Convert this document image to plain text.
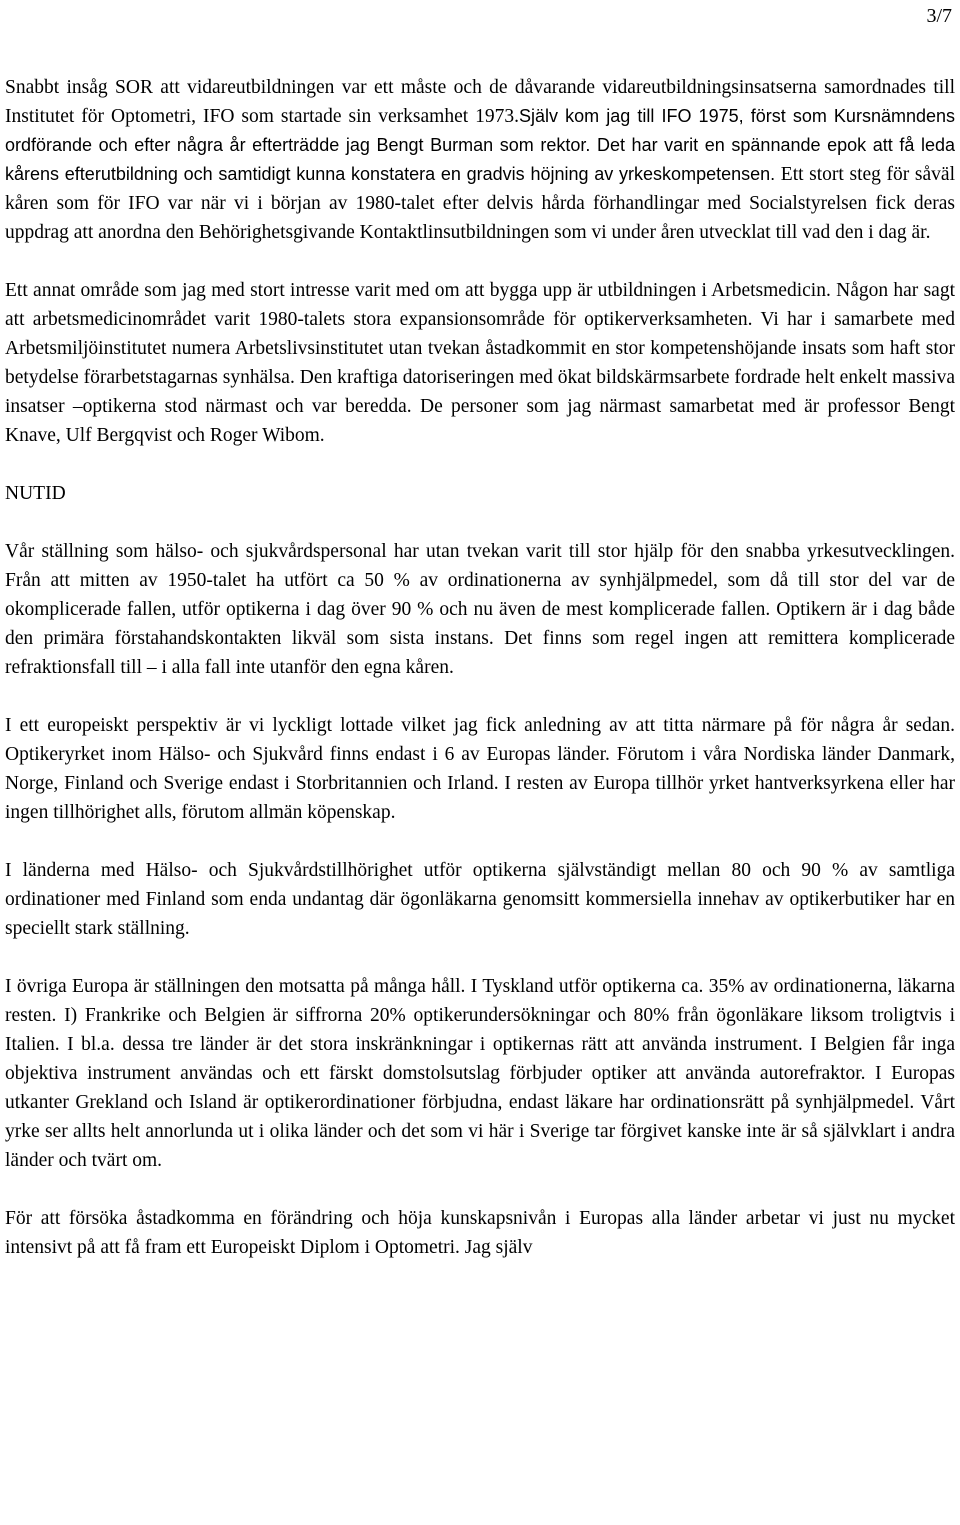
3/7

Snabbt insåg SOR att vidareutbildningen var ett måste och de dåvarande vidareutbildningsinsatserna samordnades till Institutet för Optometri, IFO som startade sin verksamhet 1973.Själv kom jag till IFO 1975, först som Kursnämndens ordförande och efter några år efterträdde jag Bengt Burman som rektor. Det har varit en spännande epok att få leda kårens efterutbildning och samtidigt kunna konstatera en gradvis höjning av yrkeskompetensen. Ett stort steg för såväl kåren som för IFO var när vi i början av 1980-talet efter delvis hårda förhandlingar med Socialstyrelsen fick deras uppdrag att anordna den Behörighetsgivande Kontaktlinsutbildningen som vi under åren utvecklat till vad den i dag är.

Ett annat område som jag med stort intresse varit med om att bygga upp är utbildningen i Arbetsmedicin. Någon har sagt att arbetsmedicinområdet varit 1980-talets stora expansionsområde för optikerverksamheten. Vi har i samarbete med Arbetsmiljöinstitutet numera Arbetslivsinstitutet utan tvekan åstadkommit en stor kompetenshöjande insats som haft stor betydelse förarbetstagarnas synhälsa. Den kraftiga datoriseringen med ökat bildskärmsarbete fordrade helt enkelt massiva insatser –optikerna stod närmast och var beredda. De personer som jag närmast samarbetat med är professor Bengt Knave, Ulf Bergqvist och Roger Wibom.

NUTID

Vår ställning som hälso- och sjukvårdspersonal har utan tvekan varit till stor hjälp för den snabba yrkesutvecklingen. Från att mitten av 1950-talet ha utfört ca 50 % av ordinationerna av synhjälpmedel, som då till stor del var de okomplicerade fallen, utför optikerna i dag över 90 % och nu även de mest komplicerade fallen. Optikern är i dag både den primära förstahandskontakten likväl som sista instans. Det finns som regel ingen att remittera komplicerade refraktionsfall till – i alla fall inte utanför den egna kåren.

I ett europeiskt perspektiv är vi lyckligt lottade vilket jag fick anledning av att titta närmare på för några år sedan. Optikeryrket inom Hälso- och Sjukvård finns endast i 6 av Europas länder. Förutom i våra Nordiska länder Danmark, Norge, Finland och Sverige endast i Storbritannien och Irland. I resten av Europa tillhör yrket hantverksyrkena eller har ingen tillhörighet alls, förutom allmän köpenskap.

I länderna med Hälso- och Sjukvårdstillhörighet utför optikerna självständigt mellan 80 och 90 % av samtliga ordinationer med Finland som enda undantag där ögonläkarna genomsitt kommersiella innehav av optikerbutiker har en speciellt stark ställning.

I övriga Europa är ställningen den motsatta på många håll. I Tyskland utför optikerna ca. 35% av ordinationerna, läkarna resten. I) Frankrike och Belgien är siffrorna 20% optikerundersökningar och 80% från ögonläkare liksom troligtvis i Italien. I bl.a. dessa tre länder är det stora inskränkningar i optikernas rätt att använda instrument. I Belgien får inga objektiva instrument användas och ett färskt domstolsutslag förbjuder optiker att använda autorefraktor. I Europas utkanter Grekland och Island är optikerordinationer förbjudna, endast läkare har ordinationsrätt på synhjälpmedel. Vårt yrke ser allts helt annorlunda ut i olika länder och det som vi här i Sverige tar förgivet kanske inte är så självklart i andra länder och tvärt om.

För att försöka åstadkomma en förändring och höja kunskapsnivån i Europas alla länder arbetar vi just nu mycket intensivt på att få fram ett Europeiskt Diplom i Optometri. Jag själv
